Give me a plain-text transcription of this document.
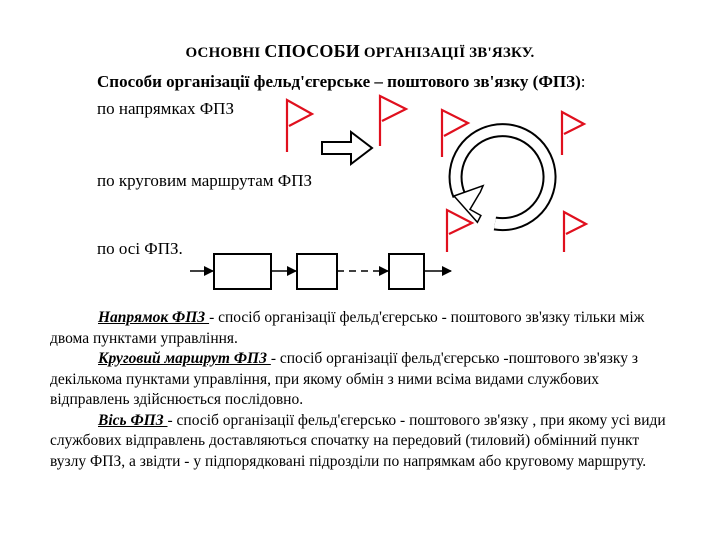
ОСНОВНІ СПОСОБИ ОРГАНІЗАЦІЇ ЗВ'ЯЗКУ.
Способи організації фельд'єгерське – поштового зв'язку (ФПЗ):
по напрямках ФПЗ
по круговим маршрутам ФПЗ
по осі ФПЗ.

Напрямок ФПЗ - спосіб організації фельд'єгерсько - поштового зв'язку тільки між двома пунктами управління.

Круговий маршрут ФПЗ - спосіб організації фельд'єгерсько -поштового зв'язку з декількома пунктами управління, при якому обмін з ними всіма видами службових відправлень здійснюється послідовно.

Вісь ФПЗ - спосіб організації фельд'єгерсько - поштового зв'язку , при якому усі види службових відправлень доставляються спочатку на передовий (тиловий) обмінний пункт вузлу ФПЗ, а звідти - у підпорядковані підрозділи по напрямкам або круговому маршруту.
